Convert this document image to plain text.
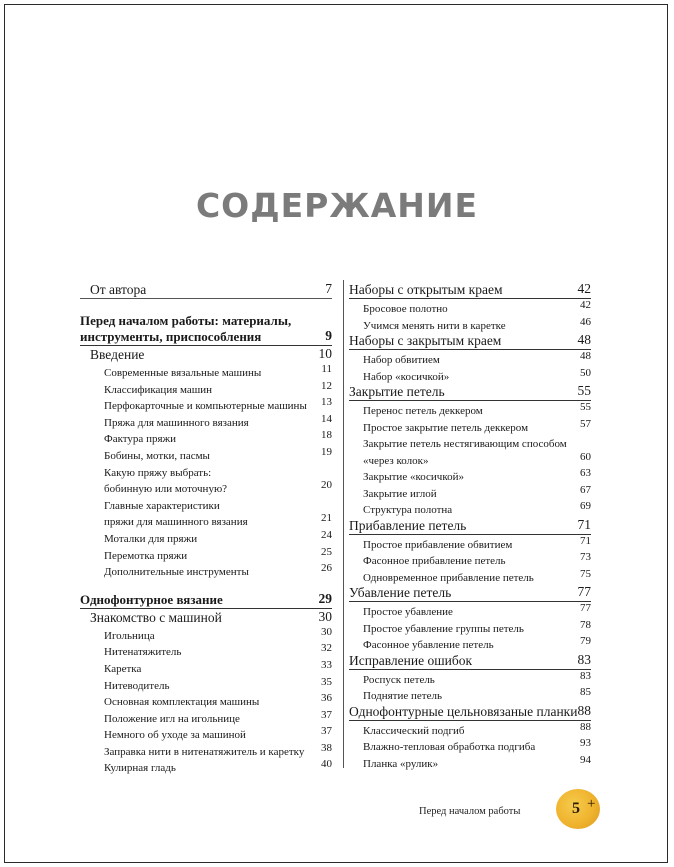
СОДЕРЖАНИЕ
От автора	7
Перед началом работы: материалы,
инструменты, приспособления	9
Введение	10
Современные вязальные машины	11
Классификация машин	12
Перфокарточные и компьютерные машины 13
Пряжа для машинного вязания	14
Фактура пряжи	18
Бобины, мотки, пасмы	19
Какую пряжу выбрать:
бобинную или моточную?	20
Главные характеристики
пряжи для машинного вязания	21
Моталки для пряжи	24
Перемотка пряжи	25
Дополнительные инструменты	26
Однофонтурное вязание	29
Знакомство с машиной	30
Игольница	30
Нитенатяжитель	32
Каретка	33
Нитеводитель	35
Основная комплектация машины	36
Положение игл на игольнице	37
Немного об уходе за машиной	37
Заправка нити в нитенатяжитель и каретку 38
Кулирная гладь	40
Наборы с открытым краем	42
Бросовое полотно	42
Учимся менять нити в каретке	46
Наборы с закрытым краем	48
Набор обвитием	48
Набор «косичкой»	50
Закрытие петель	55
Перенос петель деккером	55
Простое закрытие петель деккером	57
Закрытие петель нестягивающим способом
«через колок»	60
Закрытие «косичкой»	63
Закрытие иглой	67
Структура полотна	69
Прибавление петель	71
Простое прибавление обвитием	71
Фасонное прибавление петель	73
Одновременное прибавление петель	75
Убавление петель	77
Простое убавление	77
Простое убавление группы петель	78
Фасонное убавление петель	79
Исправление ошибок	83
Роспуск петель	83
Поднятие петель	85
Однофонтурные цельновязаные планки 88
Классический подгиб	88
Влажно-тепловая обработка подгиба	93
Планка «рулик»	94
Перед началом работы	5 +
